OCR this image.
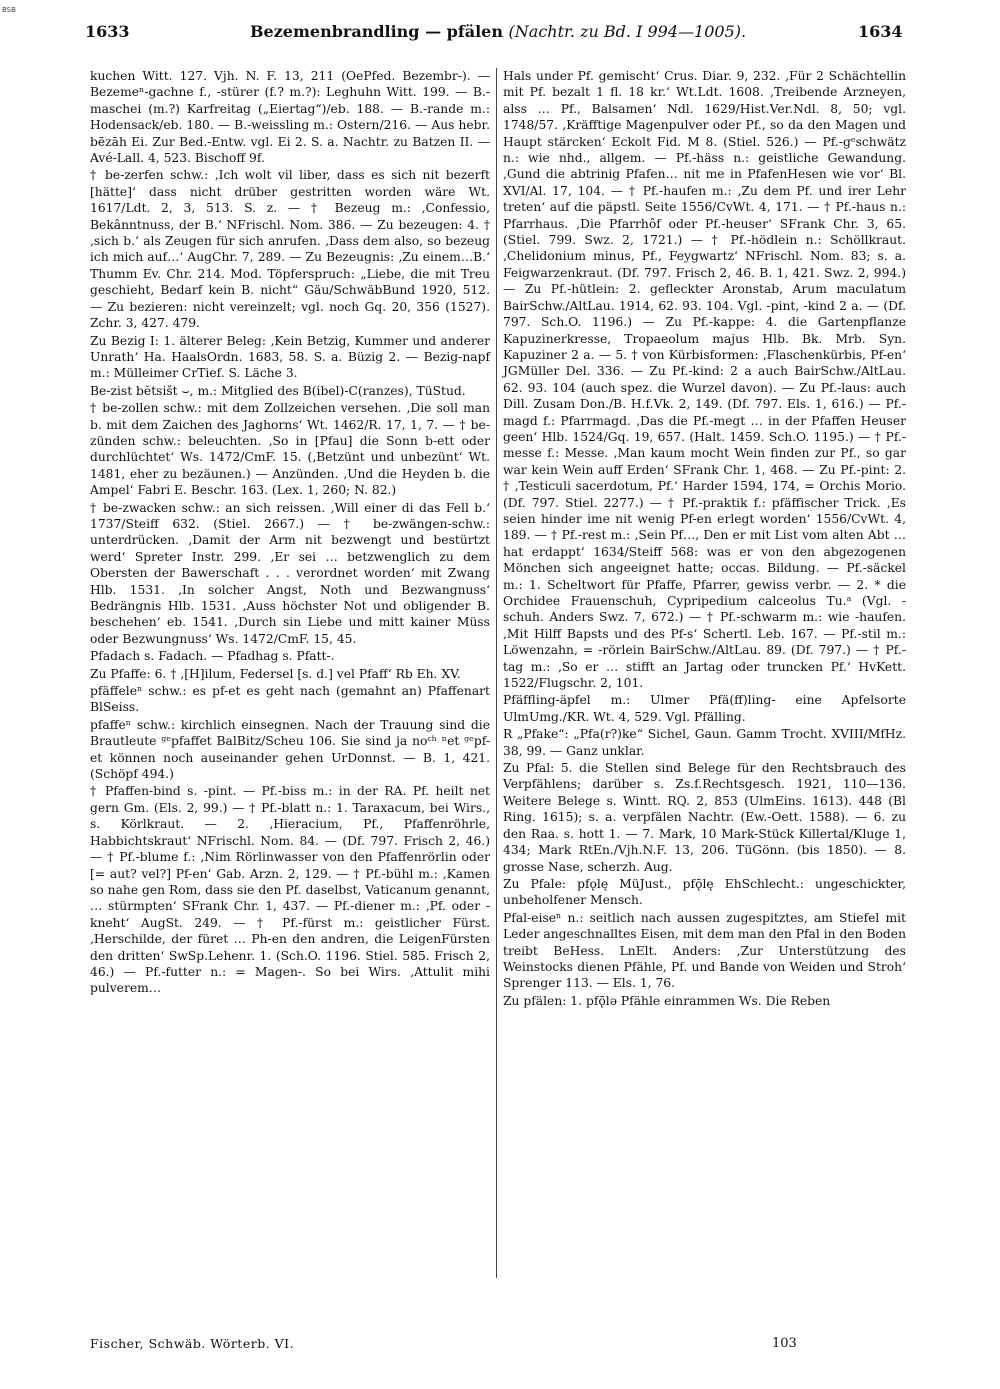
BSB
1633	Bezemenbrandling — pfälen (Nachtr. zu Bd. I 994—1005).	1634

kuchen Witt. 127. Vjh. N. F. 13, 211 (OePfed. Bezembr-). — Bezemeⁿ-gachne f., -stürer (f.? m.?): Leghuhn Witt. 199. — B.-maschei (m.?) Karfreitag („Eiertag“)/eb. 188. — B.-rande m.: Hodensack/eb. 180. — B.-weissling m.: Ostern/216. — Aus hebr. bēzāh Ei. Zur Bed.-Entw. vgl. Ei 2. S. a. Nachtr. zu Batzen II. — Avé-Lall. 4, 523. Bischoff 9f.

† be-zerfen schw.: ‚Ich wolt vil liber, dass es sich nit bezerft [hätte]‘ dass nicht drüber gestritten worden wäre Wt. 1617/Ldt. 2, 3, 513. S. z. — † Bezeug m.: ‚Confessio, Bekânntnuss, der B.‘ NFrischl. Nom. 386. — Zu bezeugen: 4. † ‚sich b.‘ als Zeugen für sich anrufen. ‚Dass dem also, so bezeug ich mich auf…‘ AugChr. 7, 289. — Zu Bezeugnis: ‚Zu einem…B.‘ Thumm Ev. Chr. 214. Mod. Töpferspruch: „Liebe, die mit Treu geschieht, Bedarf kein B. nicht“ Gäu/SchwäbBund 1920, 512. — Zu bezieren: nicht vereinzelt; vgl. noch Gq. 20, 356 (1527). Zchr. 3, 427. 479.

Zu Bezig I: 1. älterer Beleg: ‚Kein Betzig, Kummer und anderer Unrath‘ Ha. HaalsOrdn. 1683, 58. S. a. Büzig 2. — Bezig-napf m.: Mülleimer CrTief. S. Läche 3.

Be-zist bĕtsišt ⌣, m.: Mitglied des B(ibel)-C(ranzes), TüStud.

† be-zollen schw.: mit dem Zollzeichen versehen. ‚Die soll man b. mit dem Zaichen des Jaghorns‘ Wt. 1462/R. 17, 1, 7. — † be-zünden schw.: beleuchten. ‚So in [Pfau] die Sonn b-ett oder durchlüchtet‘ Ws. 1472/CmF. 15. (‚Betzünt und unbezünt‘ Wt. 1481, eher zu bezäunen.) — Anzünden. ‚Und die Heyden b. die Ampel‘ Fabri E. Beschr. 163. (Lex. 1, 260; N. 82.)

† be-zwacken schw.: an sich reissen. ‚Will einer di das Fell b.‘ 1737/Steiff 632. (Stiel. 2667.) — † be-zwängen-schw.: unterdrücken. ‚Damit der Arm nit bezwengt und bestürtzt werd‘ Spreter Instr. 299. ‚Er sei … betzwenglich zu dem Obersten der Bawerschaft . . . verordnet worden‘ mit Zwang Hlb. 1531. ‚In solcher Angst, Noth und Bezwangnuss‘ Bedrängnis Hlb. 1531. ‚Auss höchster Not und obligender B. beschehen‘ eb. 1541. ‚Durch sin Liebe und mitt kainer Müss oder Bezwungnuss‘ Ws. 1472/CmF. 15, 45.

Pfadach s. Fadach. — Pfadhag s. Pfatt-.

Zu Pfaffe: 6. † ‚[H]ilum, Federsel [s. d.] vel Pfaff‘ Rb Eh. XV.

pfäffeleⁿ schw.: es pf-et es geht nach (gemahnt an) Pfaffenart BlSeiss.

pfaffeⁿ schw.: kirchlich einsegnen. Nach der Trauung sind die Brautleute ᵍᵉpfaffet BalBitz/Scheu 106. Sie sind ja noᶜʰ ⁿet ᵍᵉpf-et können noch auseinander gehen UrDonnst. — B. 1, 421. (Schöpf 494.)

† Pfaffen-bind s. -pint. — Pf.-biss m.: in der RA. Pf. heilt net gern Gm. (Els. 2, 99.) — † Pf.-blatt n.: 1. Taraxacum, bei Wirs., s. Körlkraut. — 2. ‚Hieracium, Pf., Pfaffenröhrle, Habbichtskraut‘ NFrischl. Nom. 84. — (Df. 797. Frisch 2, 46.) — † Pf.-blume f.: ‚Nim Rörlinwasser von den Pfaffenrörlin oder [= aut? vel?] Pf-en‘ Gab. Arzn. 2, 129. — † Pf.-bühl m.: ‚Kamen so nahe gen Rom, dass sie den Pf. daselbst, Vaticanum genannt, … stürmpten‘ SFrank Chr. 1, 437. — Pf.-diener m.: ‚Pf. oder -kneht‘ AugSt. 249. — † Pf.-fürst m.: geistlicher Fürst. ‚Herschilde, der füret … Ph-en den andren, die LeigenFürsten den dritten‘ SwSp.Lehenr. 1. (Sch.O. 1196. Stiel. 585. Frisch 2, 46.) — Pf.-futter n.: = Magen-. So bei Wirs. ‚Attulit mihi pulverem…

Hals under Pf. gemischt‘ Crus. Diar. 9, 232. ‚Für 2 Schächtellin mit Pf. bezalt 1 fl. 18 kr.‘ Wt.Ldt. 1608. ‚Treibende Arzneyen, alss … Pf., Balsamen‘ Ndl. 1629/Hist.Ver.Ndl. 8, 50; vgl. 1748/57. ‚Kräfftige Magenpulver oder Pf., so da den Magen und Haupt stärcken‘ Eckolt Fid. M 8. (Stiel. 526.) — Pf.-gᵉschwätz n.: wie nhd., allgem. — Pf.-häss n.: geistliche Gewandung. ‚Gund die abtrinig Pfafen… nit me in PfafenHesen wie vor‘ Bl. XVI/Al. 17, 104. — † Pf.-haufen m.: ‚Zu dem Pf. und irer Lehr treten‘ auf die päpstl. Seite 1556/CvWt. 4, 171. — † Pf.-haus n.: Pfarrhaus. ‚Die Pfarrhôf oder Pf.-heuser‘ SFrank Chr. 3, 65. (Stiel. 799. Swz. 2, 1721.) — † Pf.-hödlein n.: Schöllkraut. ‚Chelidonium minus, Pf., Feygwartz‘ NFrischl. Nom. 83; s. a. Feigwarzenkraut. (Df. 797. Frisch 2, 46. B. 1, 421. Swz. 2, 994.) — Zu Pf.-hütlein: 2. gefleckter Aronstab, Arum maculatum BairSchw./AltLau. 1914, 62. 93. 104. Vgl. -pint, -kind 2 a. — (Df. 797. Sch.O. 1196.) — Zu Pf.-kappe: 4. die Gartenpflanze Kapuzinerkresse, Tropaeolum majus Hlb. Bk. Mrb. Syn. Kapuziner 2 a. — 5. † von Kürbisformen: ‚Flaschenkürbis, Pf-en‘ JGMüller Del. 336. — Zu Pf.-kind: 2 a auch BairSchw./AltLau. 62. 93. 104 (auch spez. die Wurzel davon). — Zu Pf.-laus: auch Dill. Zusam Don./B. H.f.Vk. 2, 149. (Df. 797. Els. 1, 616.) — Pf.-magd f.: Pfarrmagd. ‚Das die Pf.-megt … in der Pfaffen Heuser geen‘ Hlb. 1524/Gq. 19, 657. (Halt. 1459. Sch.O. 1195.) — † Pf.-messe f.: Messe. ‚Man kaum mocht Wein finden zur Pf., so gar war kein Wein auff Erden‘ SFrank Chr. 1, 468. — Zu Pf.-pint: 2. † ‚Testiculi sacerdotum, Pf.‘ Harder 1594, 174, = Orchis Morio. (Df. 797. Stiel. 2277.) — † Pf.-praktik f.: pfäffischer Trick. ‚Es seien hinder ime nit wenig Pf-en erlegt worden‘ 1556/CvWt. 4, 189. — † Pf.-rest m.: ‚Sein Pf…, Den er mit List vom alten Abt … hat erdappt‘ 1634/Steiff 568: was er von den abgezogenen Mönchen sich angeeignet hatte; occas. Bildung. — Pf.-säckel m.: 1. Scheltwort für Pfaffe, Pfarrer, gewiss verbr. — 2. * die Orchidee Frauenschuh, Cypripedium calceolus Tu.ᵃ (Vgl. -schuh. Anders Swz. 7, 672.) — † Pf.-schwarm m.: wie -haufen. ‚Mit Hilff Bapsts und des Pf-s‘ Schertl. Leb. 167. — Pf.-stil m.: Löwenzahn, = -rörlein BairSchw./AltLau. 89. (Df. 797.) — † Pf.-tag m.: ‚So er … stifft an Jartag oder truncken Pf.‘ HvKett. 1522/Flugschr. 2, 101.

Pfäffling-äpfel m.: Ulmer Pfä(ff)ling- eine Apfelsorte UlmUmg./KR. Wt. 4, 529. Vgl. Pfälling.

R „Pfake“: „Pfa(r?)ke“ Sichel, Gaun. Gamm Trocht. XVIII/MfHz. 38, 99. — Ganz unklar.

Zu Pfal: 5. die Stellen sind Belege für den Rechtsbrauch des Verpfählens; darüber s. Zs.f.Rechtsgesch. 1921, 110—136. Weitere Belege s. Wintt. RQ. 2, 853 (UlmEins. 1613). 448 (Bl Ring. 1615); s. a. verpfälen Nachtr. (Ew.-Oett. 1588). — 6. zu den Raa. s. hott 1. — 7. Mark, 10 Mark-Stück Killertal/Kluge 1, 434; Mark RtEn./Vjh.N.F. 13, 206. TüGönn. (bis 1850). — 8. grosse Nase, scherzh. Aug.

Zu Pfale: pfǫlę MüJust., pfǭlę EhSchlecht.: ungeschickter, unbeholfener Mensch.

Pfal-eiseⁿ n.: seitlich nach aussen zugespitztes, am Stiefel mit Leder angeschnalltes Eisen, mit dem man den Pfal in den Boden treibt BeHess. LnElt. Anders: ‚Zur Unterstützung des Weinstocks dienen Pfähle, Pf. und Bande von Weiden und Stroh‘ Sprenger 113. — Els. 1, 76.

Zu pfälen: 1. pfǭlə Pfähle einrammen Ws. Die Reben

Fischer, Schwäb. Wörterb. VI.	103
